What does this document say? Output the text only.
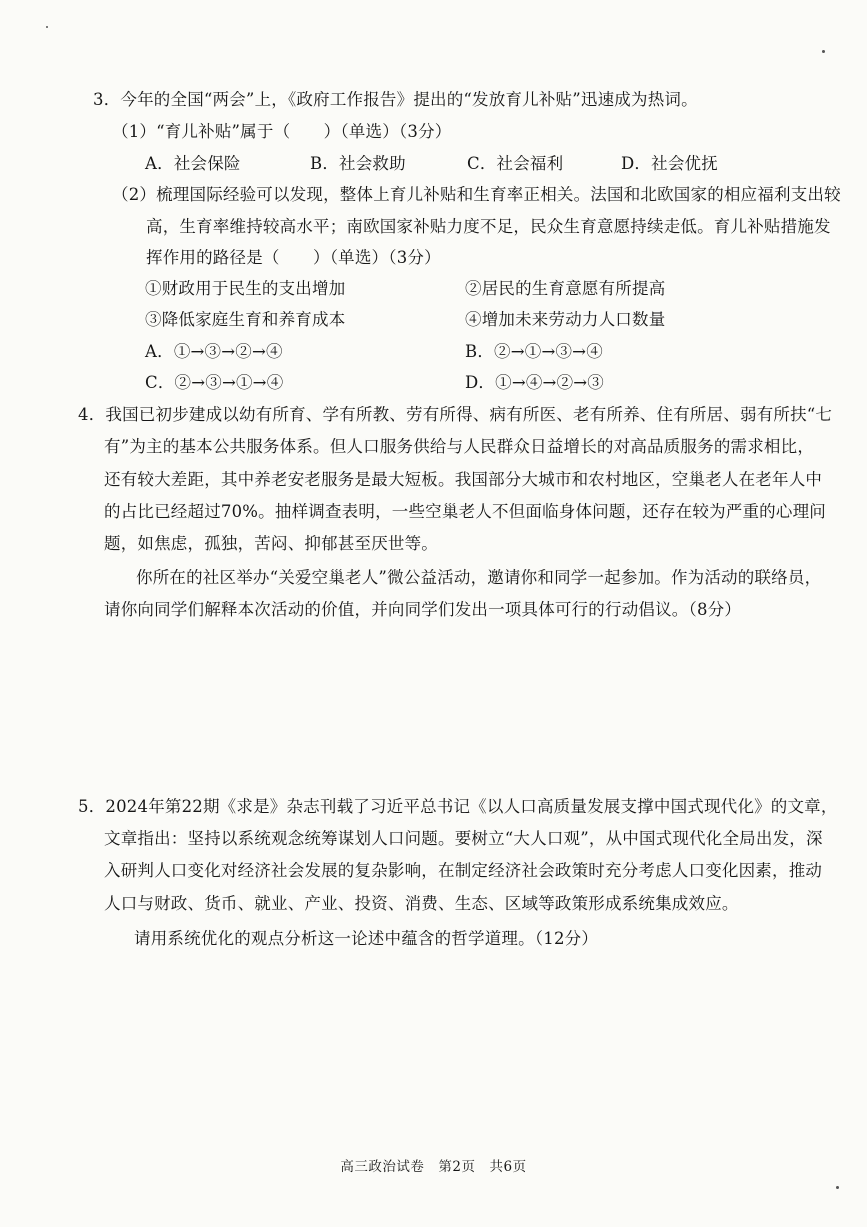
3．今年的全国“两会”上，《政府工作报告》提出的“发放育儿补贴”迅速成为热词。
（1）“育儿补贴”属于（　　）（单选）（3分）
A．社会保险	B．社会救助	C．社会福利	D．社会优抚
（2）梳理国际经验可以发现，整体上育儿补贴和生育率正相关。法国和北欧国家的相应福利支出较
高，生育率维持较高水平；南欧国家补贴力度不足，民众生育意愿持续走低。育儿补贴措施发
挥作用的路径是（　　）（单选）（3分）
①财政用于民生的支出增加	②居民的生育意愿有所提高
③降低家庭生育和养育成本	④增加未来劳动力人口数量
A．①→③→②→④	B．②→①→③→④
C．②→③→①→④	D．①→④→②→③
4．我国已初步建成以幼有所育、学有所教、劳有所得、病有所医、老有所养、住有所居、弱有所扶“七
有”为主的基本公共服务体系。但人口服务供给与人民群众日益增长的对高品质服务的需求相比，
还有较大差距，其中养老安老服务是最大短板。我国部分大城市和农村地区，空巢老人在老年人中
的占比已经超过70%。抽样调查表明，一些空巢老人不但面临身体问题，还存在较为严重的心理问
题，如焦虑，孤独，苦闷、抑郁甚至厌世等。
你所在的社区举办“关爱空巢老人”微公益活动，邀请你和同学一起参加。作为活动的联络员，
请你向同学们解释本次活动的价值，并向同学们发出一项具体可行的行动倡议。（8分）
5．2024年第22期《求是》杂志刊载了习近平总书记《以人口高质量发展支撑中国式现代化》的文章，
文章指出：坚持以系统观念统筹谋划人口问题。要树立“大人口观”，从中国式现代化全局出发，深
入研判人口变化对经济社会发展的复杂影响，在制定经济社会政策时充分考虑人口变化因素，推动
人口与财政、货币、就业、产业、投资、消费、生态、区域等政策形成系统集成效应。
请用系统优化的观点分析这一论述中蕴含的哲学道理。（12分）
高三政治试卷　第2页　共6页
